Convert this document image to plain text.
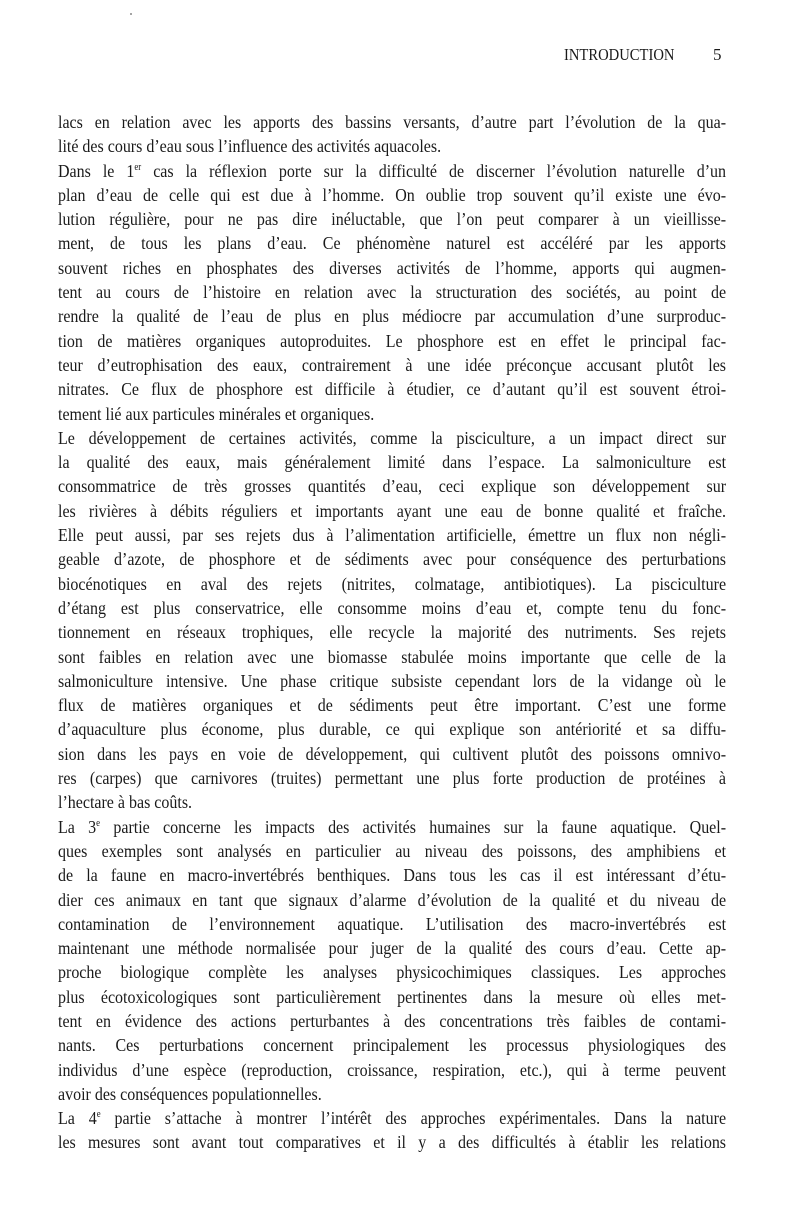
INTRODUCTION 5
lacs en relation avec les apports des bassins versants, d’autre part l’évolution de la qua-
lité des cours d’eau sous l’influence des activités aquacoles.
Dans le 1er cas la réflexion porte sur la difficulté de discerner l’évolution naturelle d’un
plan d’eau de celle qui est due à l’homme. On oublie trop souvent qu’il existe une évo-
lution régulière, pour ne pas dire inéluctable, que l’on peut comparer à un vieillisse-
ment, de tous les plans d’eau. Ce phénomène naturel est accéléré par les apports
souvent riches en phosphates des diverses activités de l’homme, apports qui augmen-
tent au cours de l’histoire en relation avec la structuration des sociétés, au point de
rendre la qualité de l’eau de plus en plus médiocre par accumulation d’une surproduc-
tion de matières organiques autoproduites. Le phosphore est en effet le principal fac-
teur d’eutrophisation des eaux, contrairement à une idée préconçue accusant plutôt les
nitrates. Ce flux de phosphore est difficile à étudier, ce d’autant qu’il est souvent étroi-
tement lié aux particules minérales et organiques.
Le développement de certaines activités, comme la pisciculture, a un impact direct sur
la qualité des eaux, mais généralement limité dans l’espace. La salmoniculture est
consommatrice de très grosses quantités d’eau, ceci explique son développement sur
les rivières à débits réguliers et importants ayant une eau de bonne qualité et fraîche.
Elle peut aussi, par ses rejets dus à l’alimentation artificielle, émettre un flux non négli-
geable d’azote, de phosphore et de sédiments avec pour conséquence des perturbations
biocénotiques en aval des rejets (nitrites, colmatage, antibiotiques). La pisciculture
d’étang est plus conservatrice, elle consomme moins d’eau et, compte tenu du fonc-
tionnement en réseaux trophiques, elle recycle la majorité des nutriments. Ses rejets
sont faibles en relation avec une biomasse stabulée moins importante que celle de la
salmoniculture intensive. Une phase critique subsiste cependant lors de la vidange où le
flux de matières organiques et de sédiments peut être important. C’est une forme
d’aquaculture plus économe, plus durable, ce qui explique son antériorité et sa diffu-
sion dans les pays en voie de développement, qui cultivent plutôt des poissons omnivo-
res (carpes) que carnivores (truites) permettant une plus forte production de protéines à
l’hectare à bas coûts.
La 3e partie concerne les impacts des activités humaines sur la faune aquatique. Quel-
ques exemples sont analysés en particulier au niveau des poissons, des amphibiens et
de la faune en macro-invertébrés benthiques. Dans tous les cas il est intéressant d’étu-
dier ces animaux en tant que signaux d’alarme d’évolution de la qualité et du niveau de
contamination de l’environnement aquatique. L’utilisation des macro-invertébrés est
maintenant une méthode normalisée pour juger de la qualité des cours d’eau. Cette ap-
proche biologique complète les analyses physicochimiques classiques. Les approches
plus écotoxicologiques sont particulièrement pertinentes dans la mesure où elles met-
tent en évidence des actions perturbantes à des concentrations très faibles de contami-
nants. Ces perturbations concernent principalement les processus physiologiques des
individus d’une espèce (reproduction, croissance, respiration, etc.), qui à terme peuvent
avoir des conséquences populationnelles.
La 4e partie s’attache à montrer l’intérêt des approches expérimentales. Dans la nature
les mesures sont avant tout comparatives et il y a des difficultés à établir les relations
